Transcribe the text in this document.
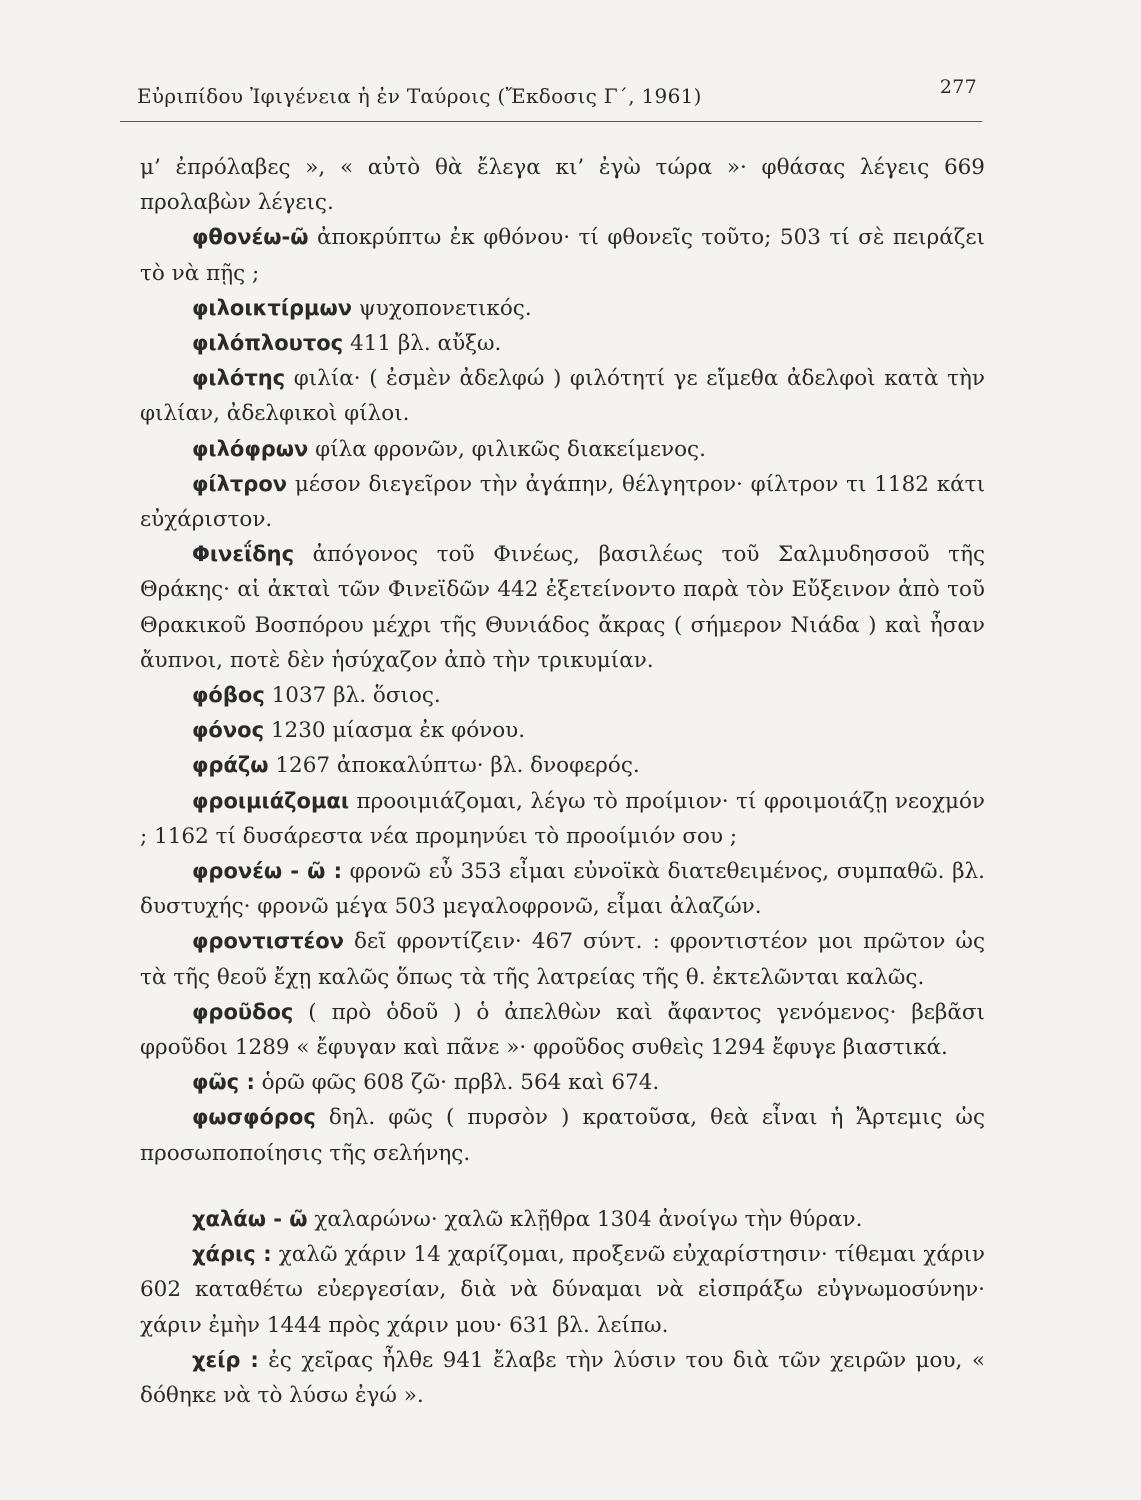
Εὐριπίδου Ἰφιγένεια ἡ ἐν Ταύροις (Ἔκδοσις Γ΄, 1961)	277

μ’ ἐπρόλαβες », « αὐτὸ θὰ ἔλεγα κι’ ἐγὼ τώρα »· φθάσας λέγεις 669 προλαβὼν λέγεις.

φθονέω-ῶ ἀποκρύπτω ἐκ φθόνου· τί φθονεῖς τοῦτο; 503 τί σὲ πειράζει τὸ νὰ πῇς ;

φιλοικτίρμων ψυχοπονετικός.

φιλόπλουτος 411 βλ. αὔξω.

φιλότης φιλία· ( ἐσμὲν ἀδελφώ ) φιλότητί γε εἴμεθα ἀδελφοὶ κατὰ τὴν φιλίαν, ἀδελφικοὶ φίλοι.

φιλόφρων φίλα φρονῶν, φιλικῶς διακείμενος.

φίλτρον μέσον διεγεῖρον τὴν ἀγάπην, θέλγητρον· φίλτρον τι 1182 κάτι εὐχάριστον.

Φινεΐδης ἀπόγονος τοῦ Φινέως, βασιλέως τοῦ Σαλμυδησσοῦ τῆς Θράκης· αἱ ἀκταὶ τῶν Φινεϊδῶν 442 ἐξετείνοντο παρὰ τὸν Εὔξεινον ἀπὸ τοῦ Θρακικοῦ Βοσπόρου μέχρι τῆς Θυνιάδος ἄκρας ( σήμερον Νιάδα ) καὶ ἦσαν ἄυπνοι, ποτὲ δὲν ἡσύχαζον ἀπὸ τὴν τρικυμίαν.

φόβος 1037 βλ. ὅσιος.

φόνος 1230 μίασμα ἐκ φόνου.

φράζω 1267 ἀποκαλύπτω· βλ. δνοφερός.

φροιμιάζομαι προοιμιάζομαι, λέγω τὸ προίμιον· τί φροιμοιάζῃ νεοχμόν ; 1162 τί δυσάρεστα νέα προμηνύει τὸ προοίμιόν σου ;

φρονέω - ῶ : φρονῶ εὖ 353 εἶμαι εὐνοϊκὰ διατεθειμένος, συμπαθῶ. βλ. δυστυχής· φρονῶ μέγα 503 μεγαλοφρονῶ, εἶμαι ἀλαζών.

φροντιστέον δεῖ φροντίζειν· 467 σύντ. : φροντιστέον μοι πρῶτον ὡς τὰ τῆς θεοῦ ἔχῃ καλῶς ὅπως τὰ τῆς λατρείας τῆς θ. ἐκτελῶνται καλῶς.

φροῦδος ( πρὸ ὁδοῦ ) ὁ ἀπελθὼν καὶ ἄφαντος γενόμενος· βεβᾶσι φροῦδοι 1289 « ἔφυγαν καὶ πᾶνε »· φροῦδος συθεὶς 1294 ἔφυγε βιαστικά.

φῶς : ὁρῶ φῶς 608 ζῶ· πρβλ. 564 καὶ 674.

φωσφόρος δηλ. φῶς ( πυρσὸν ) κρατοῦσα, θεὰ εἶναι ἡ Ἄρτεμις ὡς προσωποποίησις τῆς σελήνης.

χαλάω - ῶ χαλαρώνω· χαλῶ κλῇθρα 1304 ἀνοίγω τὴν θύραν.

χάρις : χαλῶ χάριν 14 χαρίζομαι, προξενῶ εὐχαρίστησιν· τίθεμαι χάριν 602 καταθέτω εὐεργεσίαν, διὰ νὰ δύναμαι νὰ εἰσπράξω εὐγνωμοσύνην· χάριν ἐμὴν 1444 πρὸς χάριν μου· 631 βλ. λείπω.

χείρ : ἐς χεῖρας ἦλθε 941 ἔλαβε τὴν λύσιν του διὰ τῶν χειρῶν μου, « δόθηκε νὰ τὸ λύσω ἐγώ ».
